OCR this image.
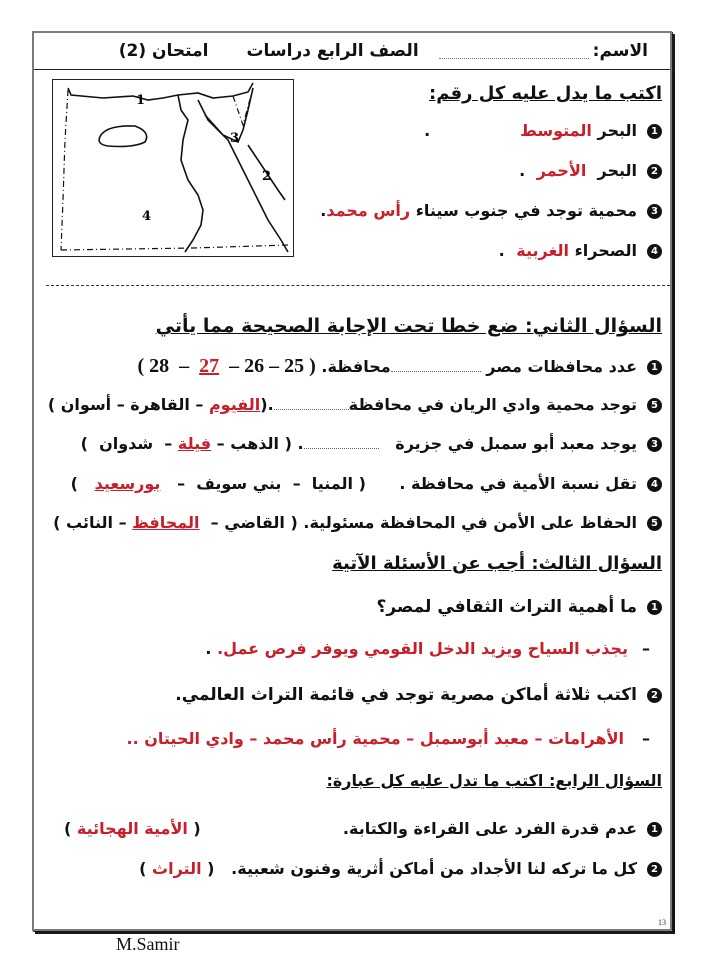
الاسم:
الصف الرابع دراسات
امتحان (2)
1
2
3
4
اكتب ما يدل عليه كل رقم:
1البحر المتوسط.
2البحر  الأحمر .
3محمية توجد في جنوب سيناء رأس محمد.
4الصحراء الغربية .
السؤال الثاني: ضع خطا تحت الإجابة الصحيحة مما يأتي
1عدد محافظات مصر محافظة. ( 25 – 26 –  27  –  28 )
5توجد محمية وادي الريان في محافظة.(الفيوم – القاهرة – أسوان )
3يوجد معبد أبو سمبل في جزيرة   . ( الذهب – فيلة –  شدوان  )
4تقل نسبة الأمية في محافظة .      ( المنيا  –  بني سويف  –   بورسعيد   )
5الحفاظ على الأمن في المحافظة مسئولية. ( القاضي –  المحافظ – النائب )
السؤال الثالث: أجب عن الأسئلة الآتية
1ما أهمية التراث الثقافي لمصر؟
–يجذب السياح ويزيد الدخل القومي ويوفر فرص عمل. .
2اكتب ثلاثة أماكن مصرية توجد في قائمة التراث العالمي.
–الأهرامات – معبد أبوسمبل – محمية رأس محمد – وادي الحيتان ..
السؤال الرابع: اكتب ما تدل عليه كل عبارة:
1عدم قدرة الفرد على القراءة والكتابة.
( الأمية الهجائية )
2كل ما تركه لنا الأجداد من أماكن أثرية وفنون شعبية.   ( التراث )
13
M.Samir
